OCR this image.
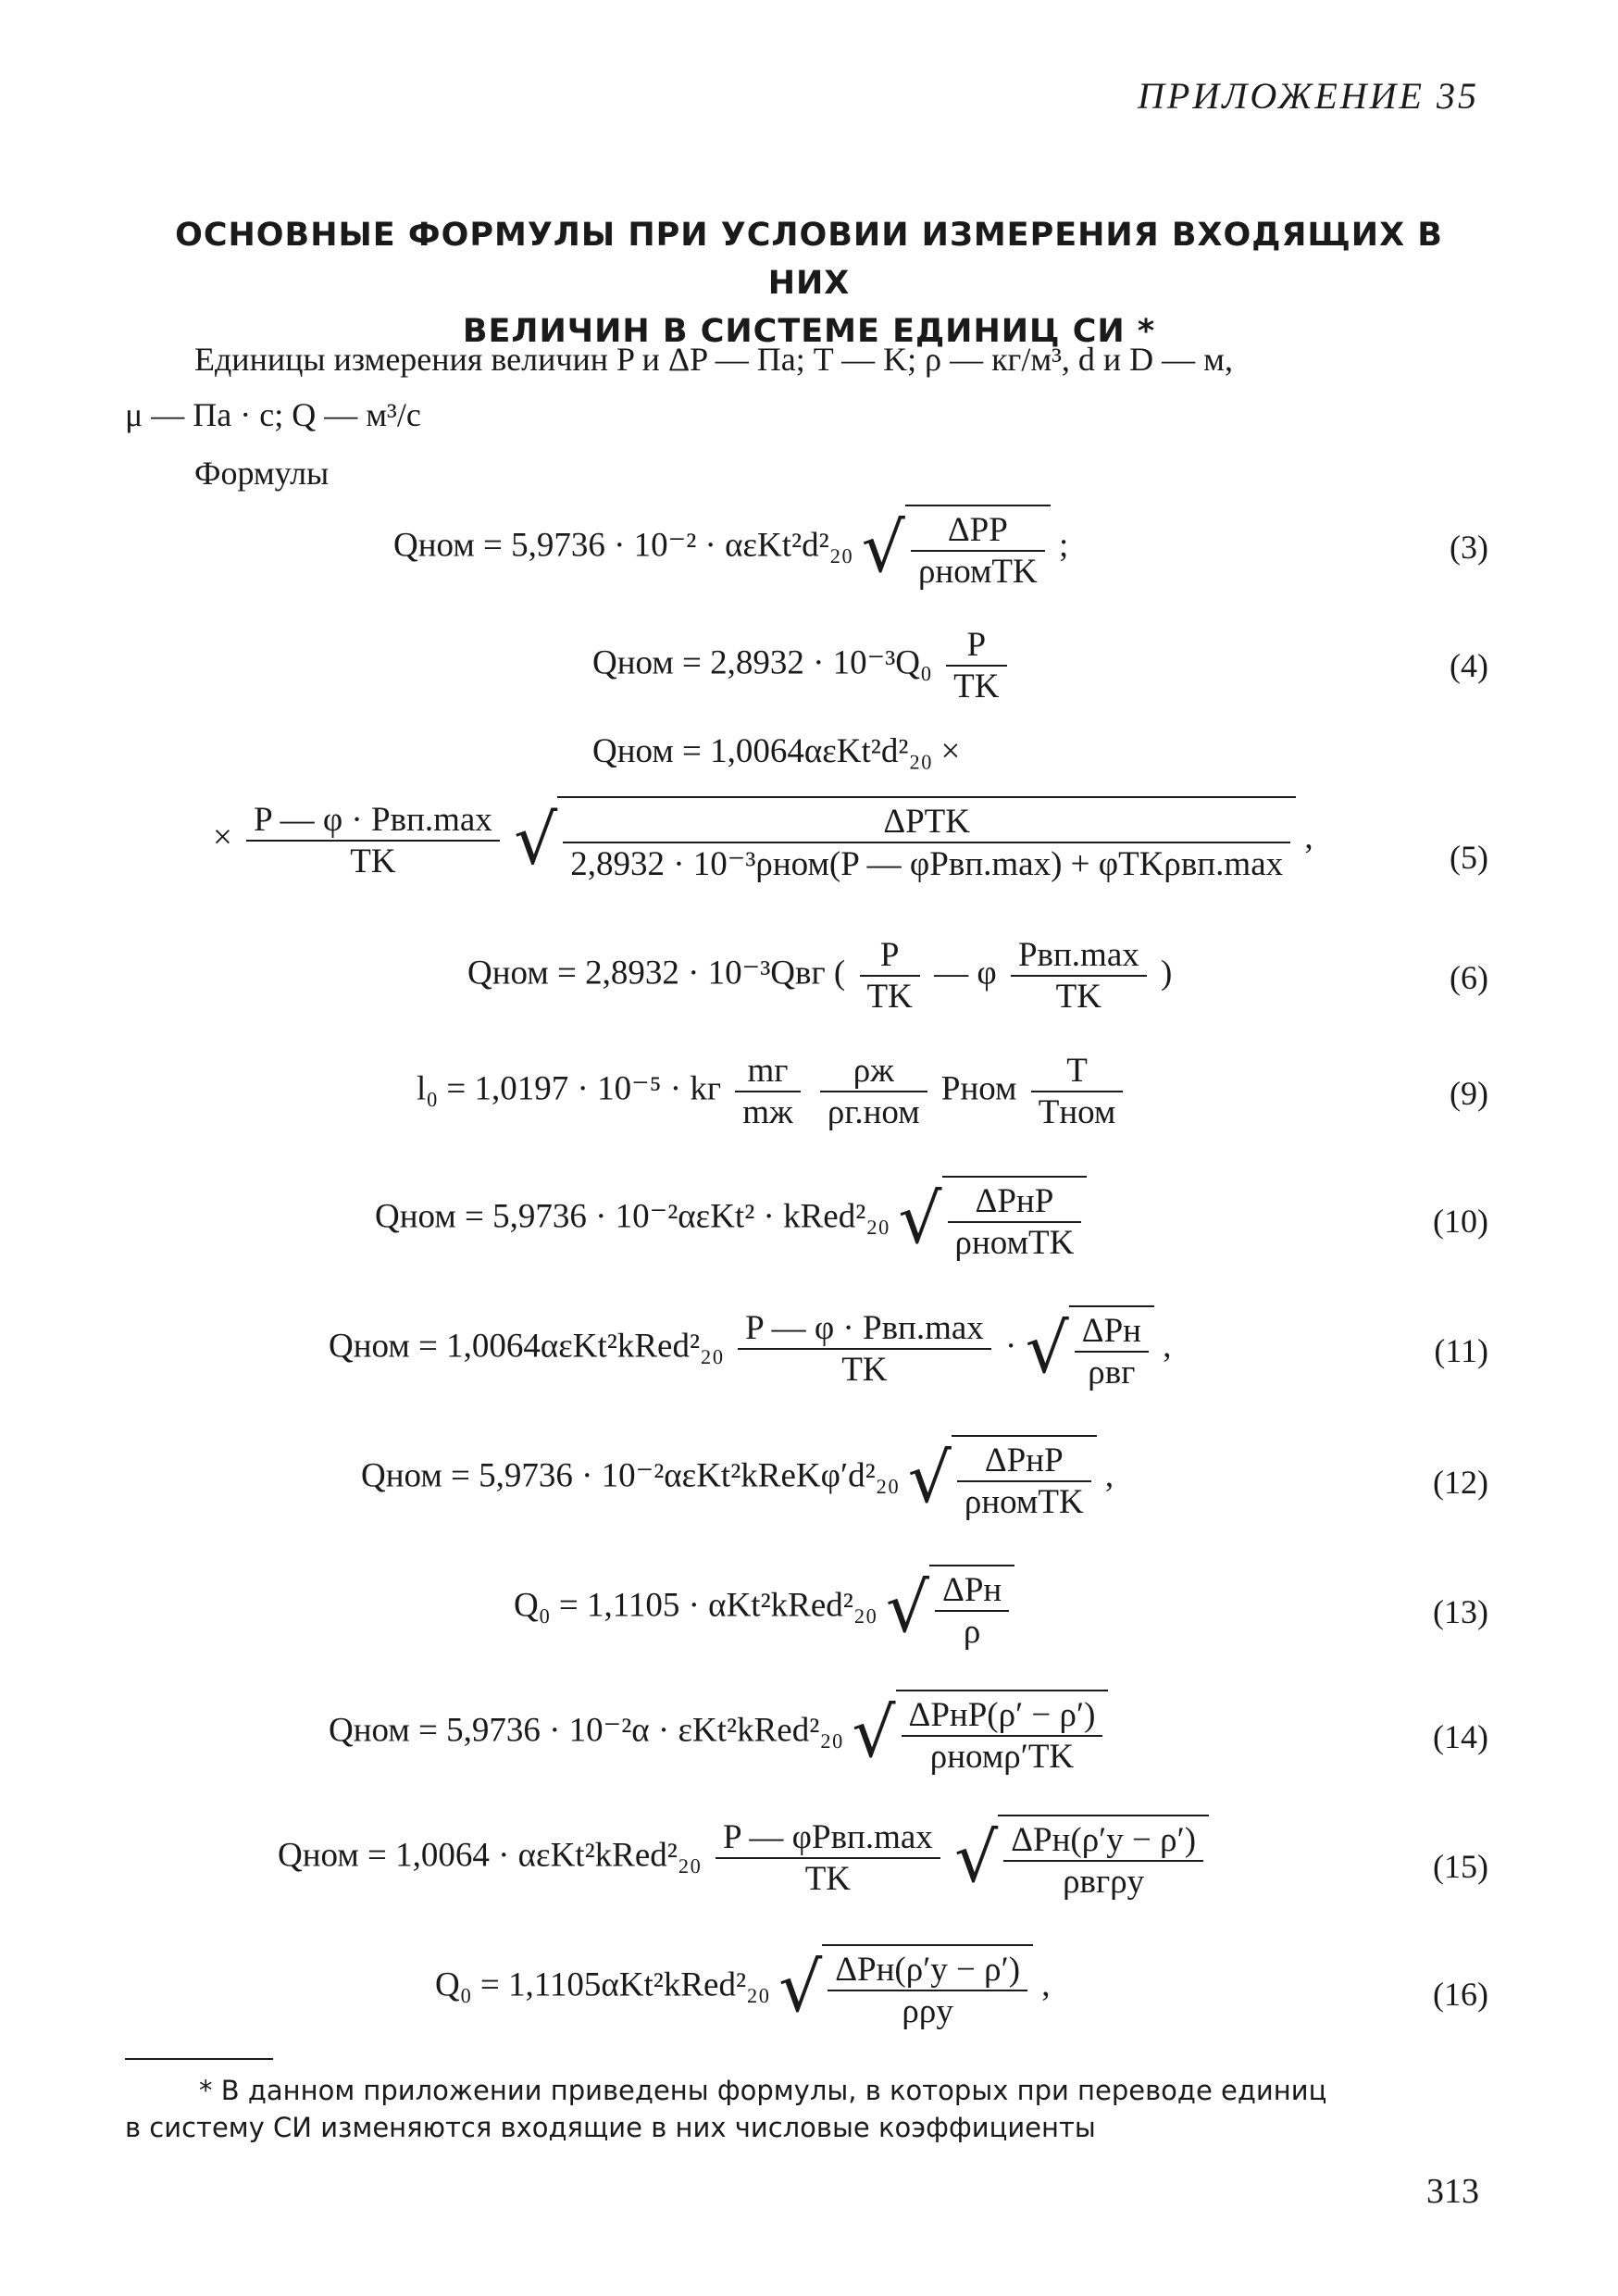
ПРИЛОЖЕНИЕ 35
ОСНОВНЫЕ ФОРМУЛЫ ПРИ УСЛОВИИ ИЗМЕРЕНИЯ ВХОДЯЩИХ В НИХ
ВЕЛИЧИН В СИСТЕМЕ ЕДИНИЦ СИ *
Единицы измерения величин P и ΔP — Па; T — K; ρ — кг/м³, d и D — м,
μ — Па · с; Q — м³/с
Формулы
Qном = 5,9736 · 10⁻² · αεKt²d²₂₀ √ $\frac{\text{ΔPP}}{\text{ρномTK}}$ ;	(3)
Qном = $2,8932 \cdot 10^{-3}Q_0 \frac{P}{TK}$	(4)
Qном = 1,0064αεKt²d²₂₀ ×
× $\frac{\text{P — φ · Pвп.max}}{TK}$ √ $\frac{\text{ΔPTK}}{\text{2,8932 · 10⁻³ρном(P — φPвп.max) + φTKρвп.max}}$ ,
(5)
Qном = 2,8932 · 10⁻³Qвг ( $\frac{P}{TK}$ — φ $\frac{\text{Pвп.max}}{TK}$ )	(6)
l₀ = 1,0197 · 10⁻⁵ · kг $\frac{mг}{mж}$
$\frac{\rho ж}{\text{ρг.ном}}$ Pном $\frac{T}{\text{Tном}}$	(9)
Qном = 5,9736 · 10⁻²αεKt² · kRed²₂₀ √ $\frac{\text{ΔPнP}}{\text{ρномTK}}$	(10)
Qном = 1,0064αεKt²kRed²₂₀ $\frac{\text{P — φ · Pвп.max}}{TK}$ · √ $\frac{\text{ΔPн}}{\text{ρвг}}$ ,	(11)
Qном = 5,9736 · 10⁻²αεKt²kReKφ′d²₂₀ √ $\frac{\text{ΔPнP}}{\text{ρномTK}}$ ,	(12)
Q₀ = 1,1105 · αKt²kRed²₂₀ √ $\frac{\text{ΔPн}}{\rho}$	(13)
Qном = 5,9736 · 10⁻²α · εKt²kRed²₂₀ √ $\frac{\text{ΔPнP(ρ′ − ρ′)}}{\text{ρномρ′TK}}$	(14)
Qном = 1,0064 · αεKt²kRed²₂₀ $\frac{\text{P — φPвп.max}}{TK}$ √ $\frac{\text{ΔPн(ρ′у − ρ′)}}{\text{ρвгρу}}$	(15)
Q₀ = 1,1105αKt²kRed²₂₀ √ $\frac{\text{ΔPн(ρ′у − ρ′)}}{\text{ρρу}}$ ,	(16)
* В данном приложении приведены формулы, в которых при переводе единиц
в систему СИ изменяются входящие в них числовые коэффициенты
313
